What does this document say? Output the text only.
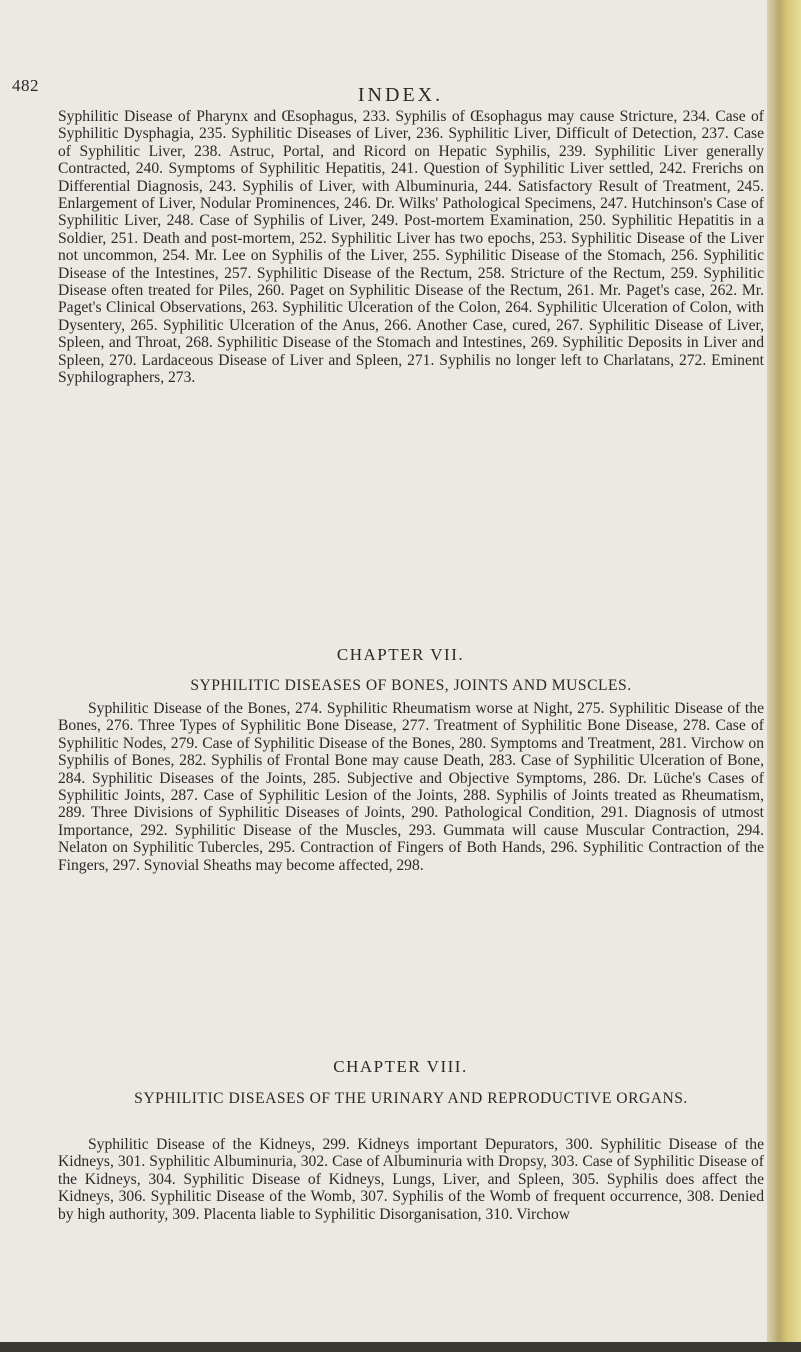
482	INDEX.

Syphilitic Disease of Pharynx and Œsophagus, 233. Syphilis of Œsophagus may cause Stricture, 234. Case of Syphilitic Dysphagia, 235. Syphilitic Diseases of Liver, 236. Syphilitic Liver, Difficult of Detection, 237. Case of Syphilitic Liver, 238. Astruc, Portal, and Ricord on Hepatic Syphilis, 239. Syphilitic Liver generally Contracted, 240. Symptoms of Syphilitic Hepatitis, 241. Question of Syphilitic Liver settled, 242. Frerichs on Differential Diagnosis, 243. Syphilis of Liver, with Albuminuria, 244. Satisfactory Result of Treatment, 245. Enlargement of Liver, Nodular Prominences, 246. Dr. Wilks' Pathological Specimens, 247. Hutchinson's Case of Syphilitic Liver, 248. Case of Syphilis of Liver, 249. Post-mortem Examination, 250. Syphilitic Hepatitis in a Soldier, 251. Death and post-mortem, 252. Syphilitic Liver has two epochs, 253. Syphilitic Disease of the Liver not uncommon, 254. Mr. Lee on Syphilis of the Liver, 255. Syphilitic Disease of the Stomach, 256. Syphilitic Disease of the Intestines, 257. Syphilitic Disease of the Rectum, 258. Stricture of the Rectum, 259. Syphilitic Disease often treated for Piles, 260. Paget on Syphilitic Disease of the Rectum, 261. Mr. Paget's case, 262. Mr. Paget's Clinical Observations, 263. Syphilitic Ulceration of the Colon, 264. Syphilitic Ulceration of Colon, with Dysentery, 265. Syphilitic Ulceration of the Anus, 266. Another Case, cured, 267. Syphilitic Disease of Liver, Spleen, and Throat, 268. Syphilitic Disease of the Stomach and Intestines, 269. Syphilitic Deposits in Liver and Spleen, 270. Lardaceous Disease of Liver and Spleen, 271. Syphilis no longer left to Charlatans, 272. Eminent Syphilographers, 273.

CHAPTER VII.
SYPHILITIC DISEASES OF BONES, JOINTS AND MUSCLES.

Syphilitic Disease of the Bones, 274. Syphilitic Rheumatism worse at Night, 275. Syphilitic Disease of the Bones, 276. Three Types of Syphilitic Bone Disease, 277. Treatment of Syphilitic Bone Disease, 278. Case of Syphilitic Nodes, 279. Case of Syphilitic Disease of the Bones, 280. Symptoms and Treatment, 281. Virchow on Syphilis of Bones, 282. Syphilis of Frontal Bone may cause Death, 283. Case of Syphilitic Ulceration of Bone, 284. Syphilitic Diseases of the Joints, 285. Subjective and Objective Symptoms, 286. Dr. Lüche's Cases of Syphilitic Joints, 287. Case of Syphilitic Lesion of the Joints, 288. Syphilis of Joints treated as Rheumatism, 289. Three Divisions of Syphilitic Diseases of Joints, 290. Pathological Condition, 291. Diagnosis of utmost Importance, 292. Syphilitic Disease of the Muscles, 293. Gummata will cause Muscular Contraction, 294. Nelaton on Syphilitic Tubercles, 295. Contraction of Fingers of Both Hands, 296. Syphilitic Contraction of the Fingers, 297. Synovial Sheaths may become affected, 298.

CHAPTER VIII.
SYPHILITIC DISEASES OF THE URINARY AND REPRODUCTIVE ORGANS.

Syphilitic Disease of the Kidneys, 299. Kidneys important Depurators, 300. Syphilitic Disease of the Kidneys, 301. Syphilitic Albuminuria, 302. Case of Albuminuria with Dropsy, 303. Case of Syphilitic Disease of the Kidneys, 304. Syphilitic Disease of Kidneys, Lungs, Liver, and Spleen, 305. Syphilis does affect the Kidneys, 306. Syphilitic Disease of the Womb, 307. Syphilis of the Womb of frequent occurrence, 308. Denied by high authority, 309. Placenta liable to Syphilitic Disorganisation, 310. Virchow
